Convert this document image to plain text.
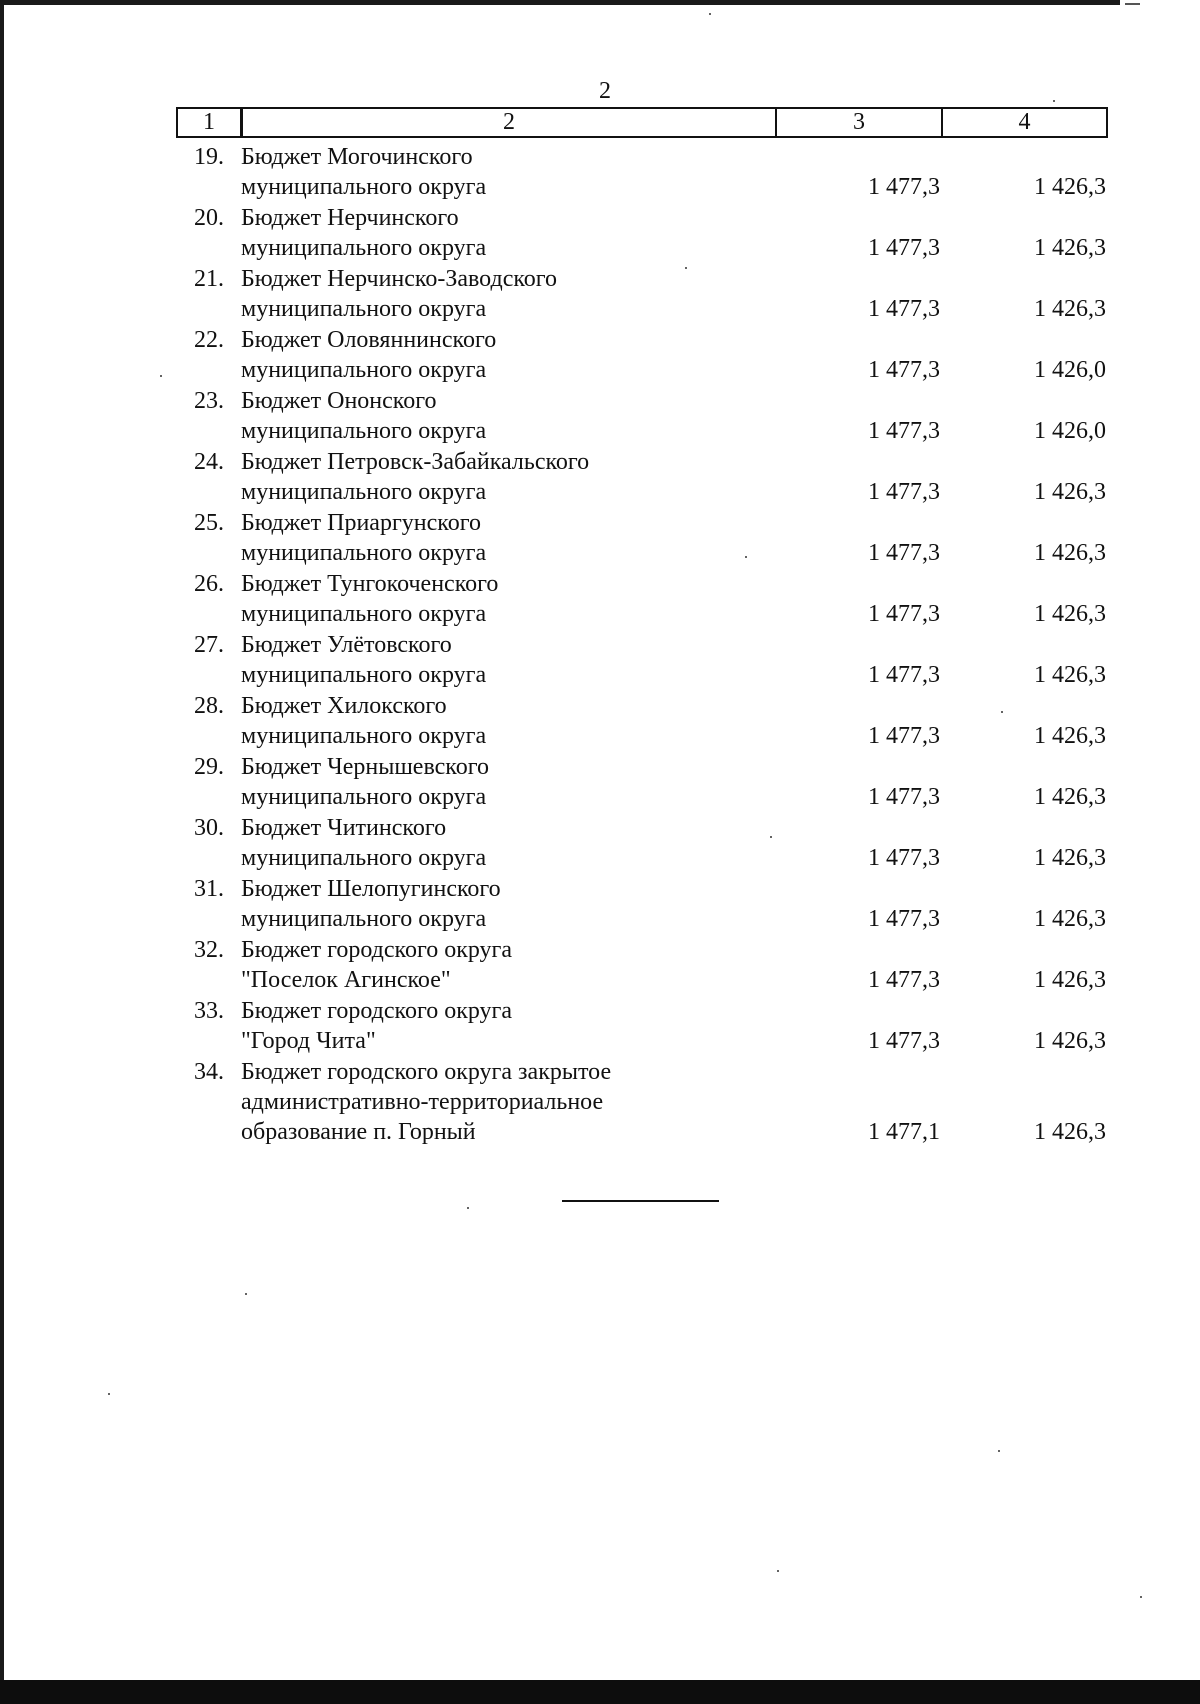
2
1	2	3	4
19. Бюджет Могочинского
муниципального округа	1 477,3	1 426,3
20. Бюджет Нерчинского
муниципального округа	1 477,3	1 426,3
21. Бюджет Нерчинско-Заводского
муниципального округа	1 477,3	1 426,3
22. Бюджет Оловяннинского
муниципального округа	1 477,3	1 426,0
23. Бюджет Ононского
муниципального округа	1 477,3	1 426,0
24. Бюджет Петровск-Забайкальского
муниципального округа	1 477,3	1 426,3
25. Бюджет Приаргунского
муниципального округа	1 477,3	1 426,3
26. Бюджет Тунгокоченского
муниципального округа	1 477,3	1 426,3
27. Бюджет Улётовского
муниципального округа	1 477,3	1 426,3
28. Бюджет Хилокского
муниципального округа	1 477,3	1 426,3
29. Бюджет Чернышевского
муниципального округа	1 477,3	1 426,3
30. Бюджет Читинского
муниципального округа	1 477,3	1 426,3
31. Бюджет Шелопугинского
муниципального округа	1 477,3	1 426,3
32. Бюджет городского округа
"Поселок Агинское"	1 477,3	1 426,3
33. Бюджет городского округа
"Город Чита"	1 477,3	1 426,3
34. Бюджет городского округа закрытое
административно-территориальное
образование п. Горный	1 477,1	1 426,3
